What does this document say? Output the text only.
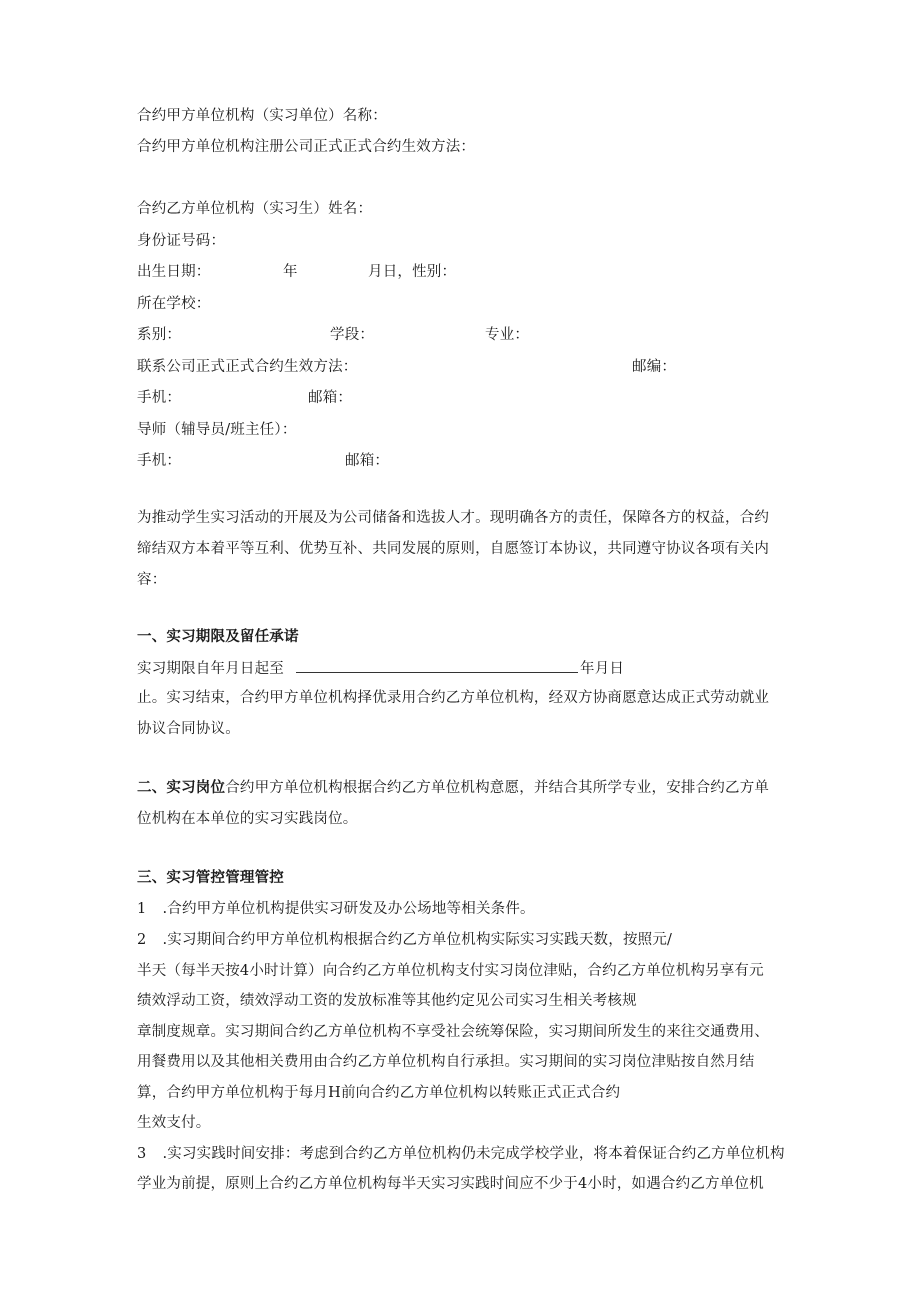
合约甲方单位机构（实习单位）名称：
合约甲方单位机构注册公司正式正式合约生效方法：
合约乙方单位机构（实习生）姓名：
身份证号码：
出生日期：	年	月日，性别：
所在学校：
系别：	学段：	专业：
联系公司正式正式合约生效方法：	邮编：
手机：	邮箱：
导师（辅导员/班主任）：
手机：	邮箱：
为推动学生实习活动的开展及为公司储备和选拔人才。现明确各方的责任，保障各方的权益，合约
缔结双方本着平等互利、优势互补、共同发展的原则，自愿签订本协议，共同遵守协议各项有关内
容：
一、实习期限及留任承诺
实习期限自年月日起至	年月日
止。实习结束，合约甲方单位机构择优录用合约乙方单位机构，经双方协商愿意达成正式劳动就业
协议合同协议。
二、实习岗位合约甲方单位机构根据合约乙方单位机构意愿，并结合其所学专业，安排合约乙方单
位机构在本单位的实习实践岗位。
三、实习管控管理管控
1 .合约甲方单位机构提供实习研发及办公场地等相关条件。
2 .实习期间合约甲方单位机构根据合约乙方单位机构实际实习实践天数，按照元/
半天（每半天按4小时计算）向合约乙方单位机构支付实习岗位津贴，合约乙方单位机构另享有元
绩效浮动工资，绩效浮动工资的发放标准等其他约定见公司实习生相关考核规
章制度规章。实习期间合约乙方单位机构不享受社会统筹保险，实习期间所发生的来往交通费用、
用餐费用以及其他相关费用由合约乙方单位机构自行承担。实习期间的实习岗位津贴按自然月结
算，合约甲方单位机构于每月H前向合约乙方单位机构以转账正式正式合约
生效支付。
3 .实习实践时间安排：考虑到合约乙方单位机构仍未完成学校学业，将本着保证合约乙方单位机构
学业为前提，原则上合约乙方单位机构每半天实习实践时间应不少于4小时，如遇合约乙方单位机
